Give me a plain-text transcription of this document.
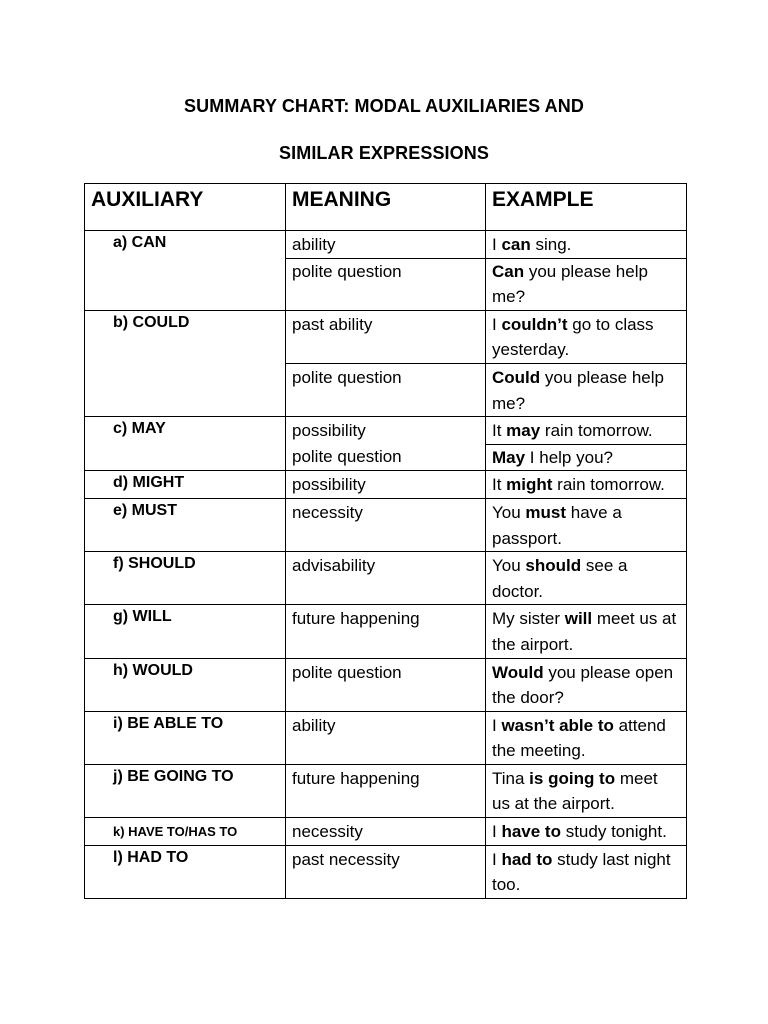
SUMMARY CHART: MODAL AUXILIARIES AND
SIMILAR EXPRESSIONS
AUXILIARY	MEANING	EXAMPLE

a) CAN	ability	I can sing.

	polite question	Can you please help me?

b) COULD	past ability	I couldn’t go to class yesterday.

	polite question	Could you please help me?

c) MAY	possibility	It may rain tomorrow.

	polite question	May I help you?

d) MIGHT	possibility	It might rain tomorrow.

e) MUST	necessity	You must have a passport.

f) SHOULD	advisability	You should see a doctor.

g) WILL	future happening	My sister will meet us at the airport.

h) WOULD	polite question	Would you please open the door?

i) BE ABLE TO	ability	I wasn’t able to attend the meeting.

j) BE GOING TO	future happening	Tina is going to meet us at the airport.

k) HAVE TO/HAS TO	necessity	I have to study tonight.

l) HAD TO	past necessity	I had to study last night too.
